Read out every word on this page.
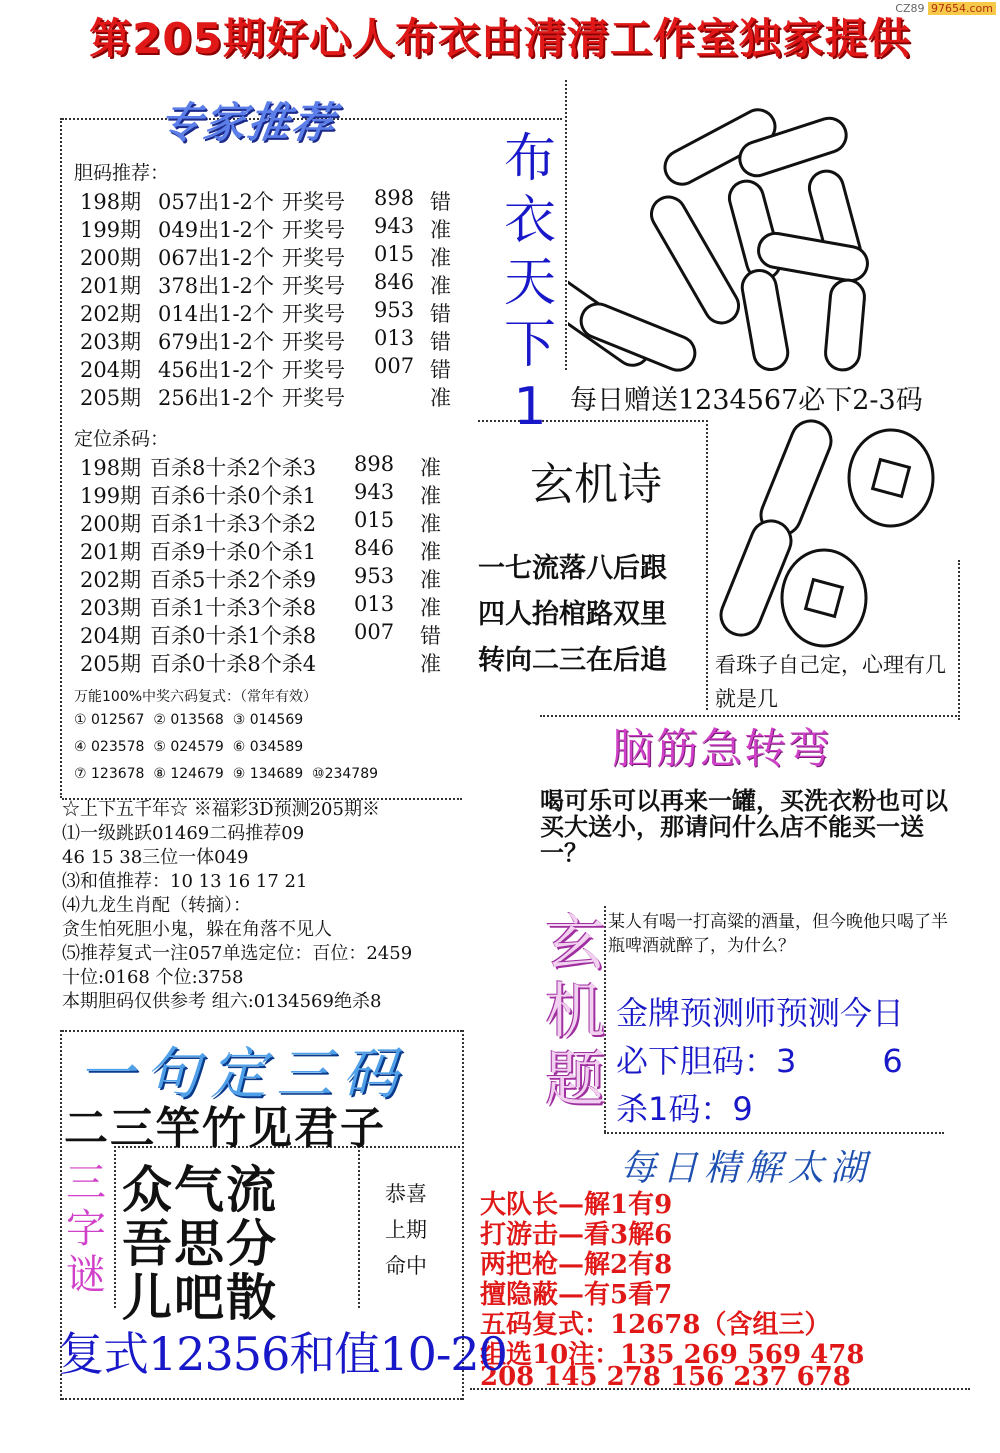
CZ89 97654.com
第205期好心人布衣由清清工作室独家提供
专家推荐
胆码推荐：
198期 057出1-2个 开奖号 898 错
199期 049出1-2个 开奖号 943 准
200期 067出1-2个 开奖号 015 准
201期 378出1-2个 开奖号 846 准
202期 014出1-2个 开奖号 953 错
203期 679出1-2个 开奖号 013 错
204期 456出1-2个 开奖号 007 错
205期 256出1-2个 开奖号	准
定位杀码：
198期 百杀8十杀2个杀3 898 准
199期 百杀6十杀0个杀1 943 准
200期 百杀1十杀3个杀2 015 准
201期 百杀9十杀0个杀1 846 准
202期 百杀5十杀2个杀9 953 准
203期 百杀1十杀3个杀8 013 准
204期 百杀0十杀1个杀8 007 错
205期 百杀0十杀8个杀4	准
万能100%中奖六码复式：（常年有效）
① 012567  ② 013568  ③ 014569
④ 023578  ⑤ 024579  ⑥ 034589
⑦ 123678  ⑧ 124679  ⑨ 134689  ⑩234789
☆上下五千年☆ ※福彩3D预测205期※
⑴一级跳跃01469二码推荐09
46 15 38三位一体049
⑶和值推荐：10 13 16 17 21
⑷九龙生肖配（转摘）：
贪生怕死胆小鬼，躲在角落不见人
⑸推荐复式一注057单选定位：百位：2459
十位:0168 个位:3758
本期胆码仅供参考 组六:0134569绝杀8
布
衣
天
下
1
28
每日赠送1234567必下2-3码
玄机诗
一七流落八后跟
四人抬棺路双里
转向二三在后追 看珠子自己定，心理有几就是几
脑筋急转弯
喝可乐可以再来一罐，买洗衣粉也可以买大送小，那请问什么店不能买一送一？
玄
机
题
某人有喝一打高粱的酒量，但今晚他只喝了半瓶啤酒就醉了，为什么？
金牌预测师预测今日
必下胆码：3	6
杀1码：9
每日精解太湖
大队长—解1有9
打游击—看3解6
两把枪—解2有8
擅隐蔽—有5看7
五码复式：12678（含组三）
组选10注：135 269 569 478
208 145 278 156 237 678
一句定三码
二三竿竹见君子
三
字
谜
众气流
吾思分
儿吧散
恭喜
上期
命中
复式12356和值10-20
